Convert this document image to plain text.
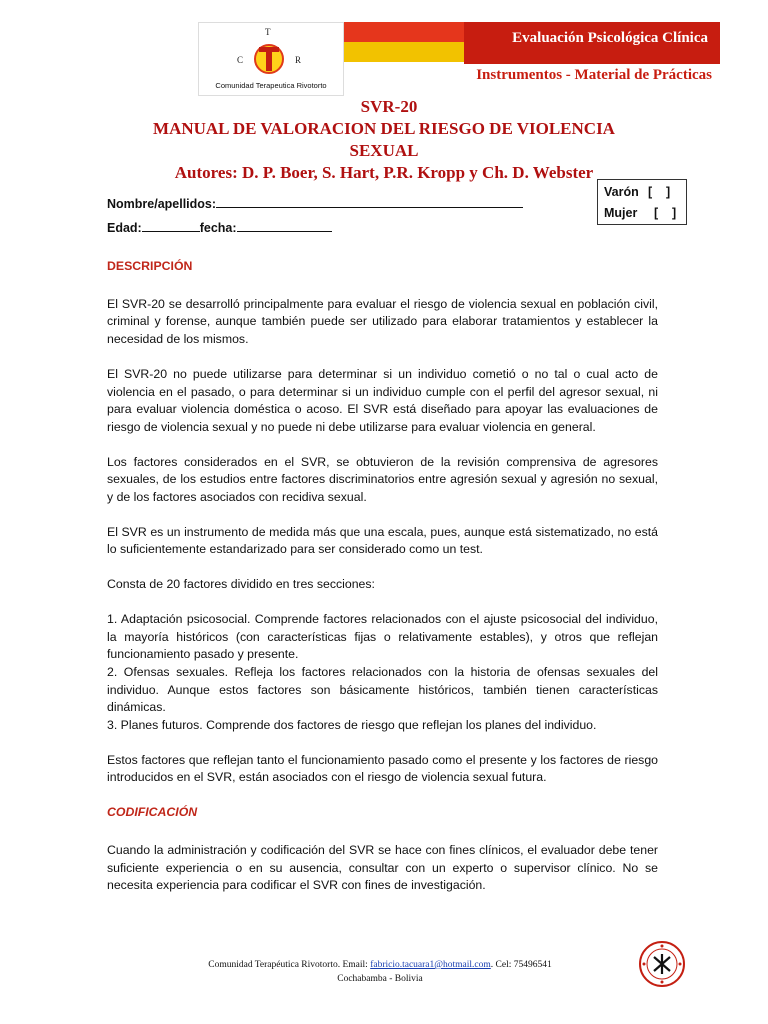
T
C	R
Comunidad Terapeutica Rivotorto
Evaluación Psicológica Clínica
Instrumentos - Material de Prácticas
SVR-20
MANUAL DE VALORACION DEL RIESGO DE VIOLENCIA
SEXUAL
Autores: D. P. Boer, S. Hart, P.R. Kropp y Ch. D. Webster
Nombre/apellidos:
Edad:	fecha:
Varón [    ]
Mujer [    ]
DESCRIPCIÓN

El SVR-20 se desarrolló principalmente para evaluar el riesgo de violencia sexual en población civil, criminal y forense, aunque también puede ser utilizado para elaborar tratamientos y establecer la necesidad de los mismos.

El SVR-20 no puede utilizarse para determinar si un individuo cometió o no tal o cual acto de violencia en el pasado, o para determinar si un individuo cumple con el perfil del agresor sexual, ni para evaluar violencia doméstica o acoso. El SVR está diseñado para apoyar las evaluaciones de riesgo de violencia sexual y no puede ni debe utilizarse para evaluar violencia en general.

Los factores considerados en el SVR, se obtuvieron de la revisión comprensiva de agresores sexuales, de los estudios entre factores discriminatorios entre agresión sexual y agresión no sexual, y de los factores asociados con recidiva sexual.

El SVR es un instrumento de medida más que una escala, pues, aunque está sistematizado, no está lo suficientemente estandarizado para ser considerado como un test.

Consta de 20 factores dividido en tres secciones:

1. Adaptación psicosocial. Comprende factores relacionados con el ajuste psicosocial del individuo, la mayoría históricos (con características fijas o relativamente estables), y otros que reflejan funcionamiento pasado y presente.

2. Ofensas sexuales. Refleja los factores relacionados con la historia de ofensas sexuales del individuo. Aunque estos factores son básicamente históricos, también tienen características dinámicas.

3. Planes futuros. Comprende dos factores de riesgo que reflejan los planes del individuo.

Estos factores que reflejan tanto el funcionamiento pasado como el presente y los factores de riesgo introducidos en el SVR, están asociados con el riesgo de violencia sexual futura.

CODIFICACIÓN

Cuando la administración y codificación del SVR se hace con fines clínicos, el evaluador debe tener suficiente experiencia o en su ausencia, consultar con un experto o supervisor clínico. No se necesita experiencia para codificar el SVR con fines de investigación.

Comunidad Terapéutica Rivotorto. Email: fabricio.tacuara1@hotmail.com. Cel: 75496541
Cochabamba - Bolivia
